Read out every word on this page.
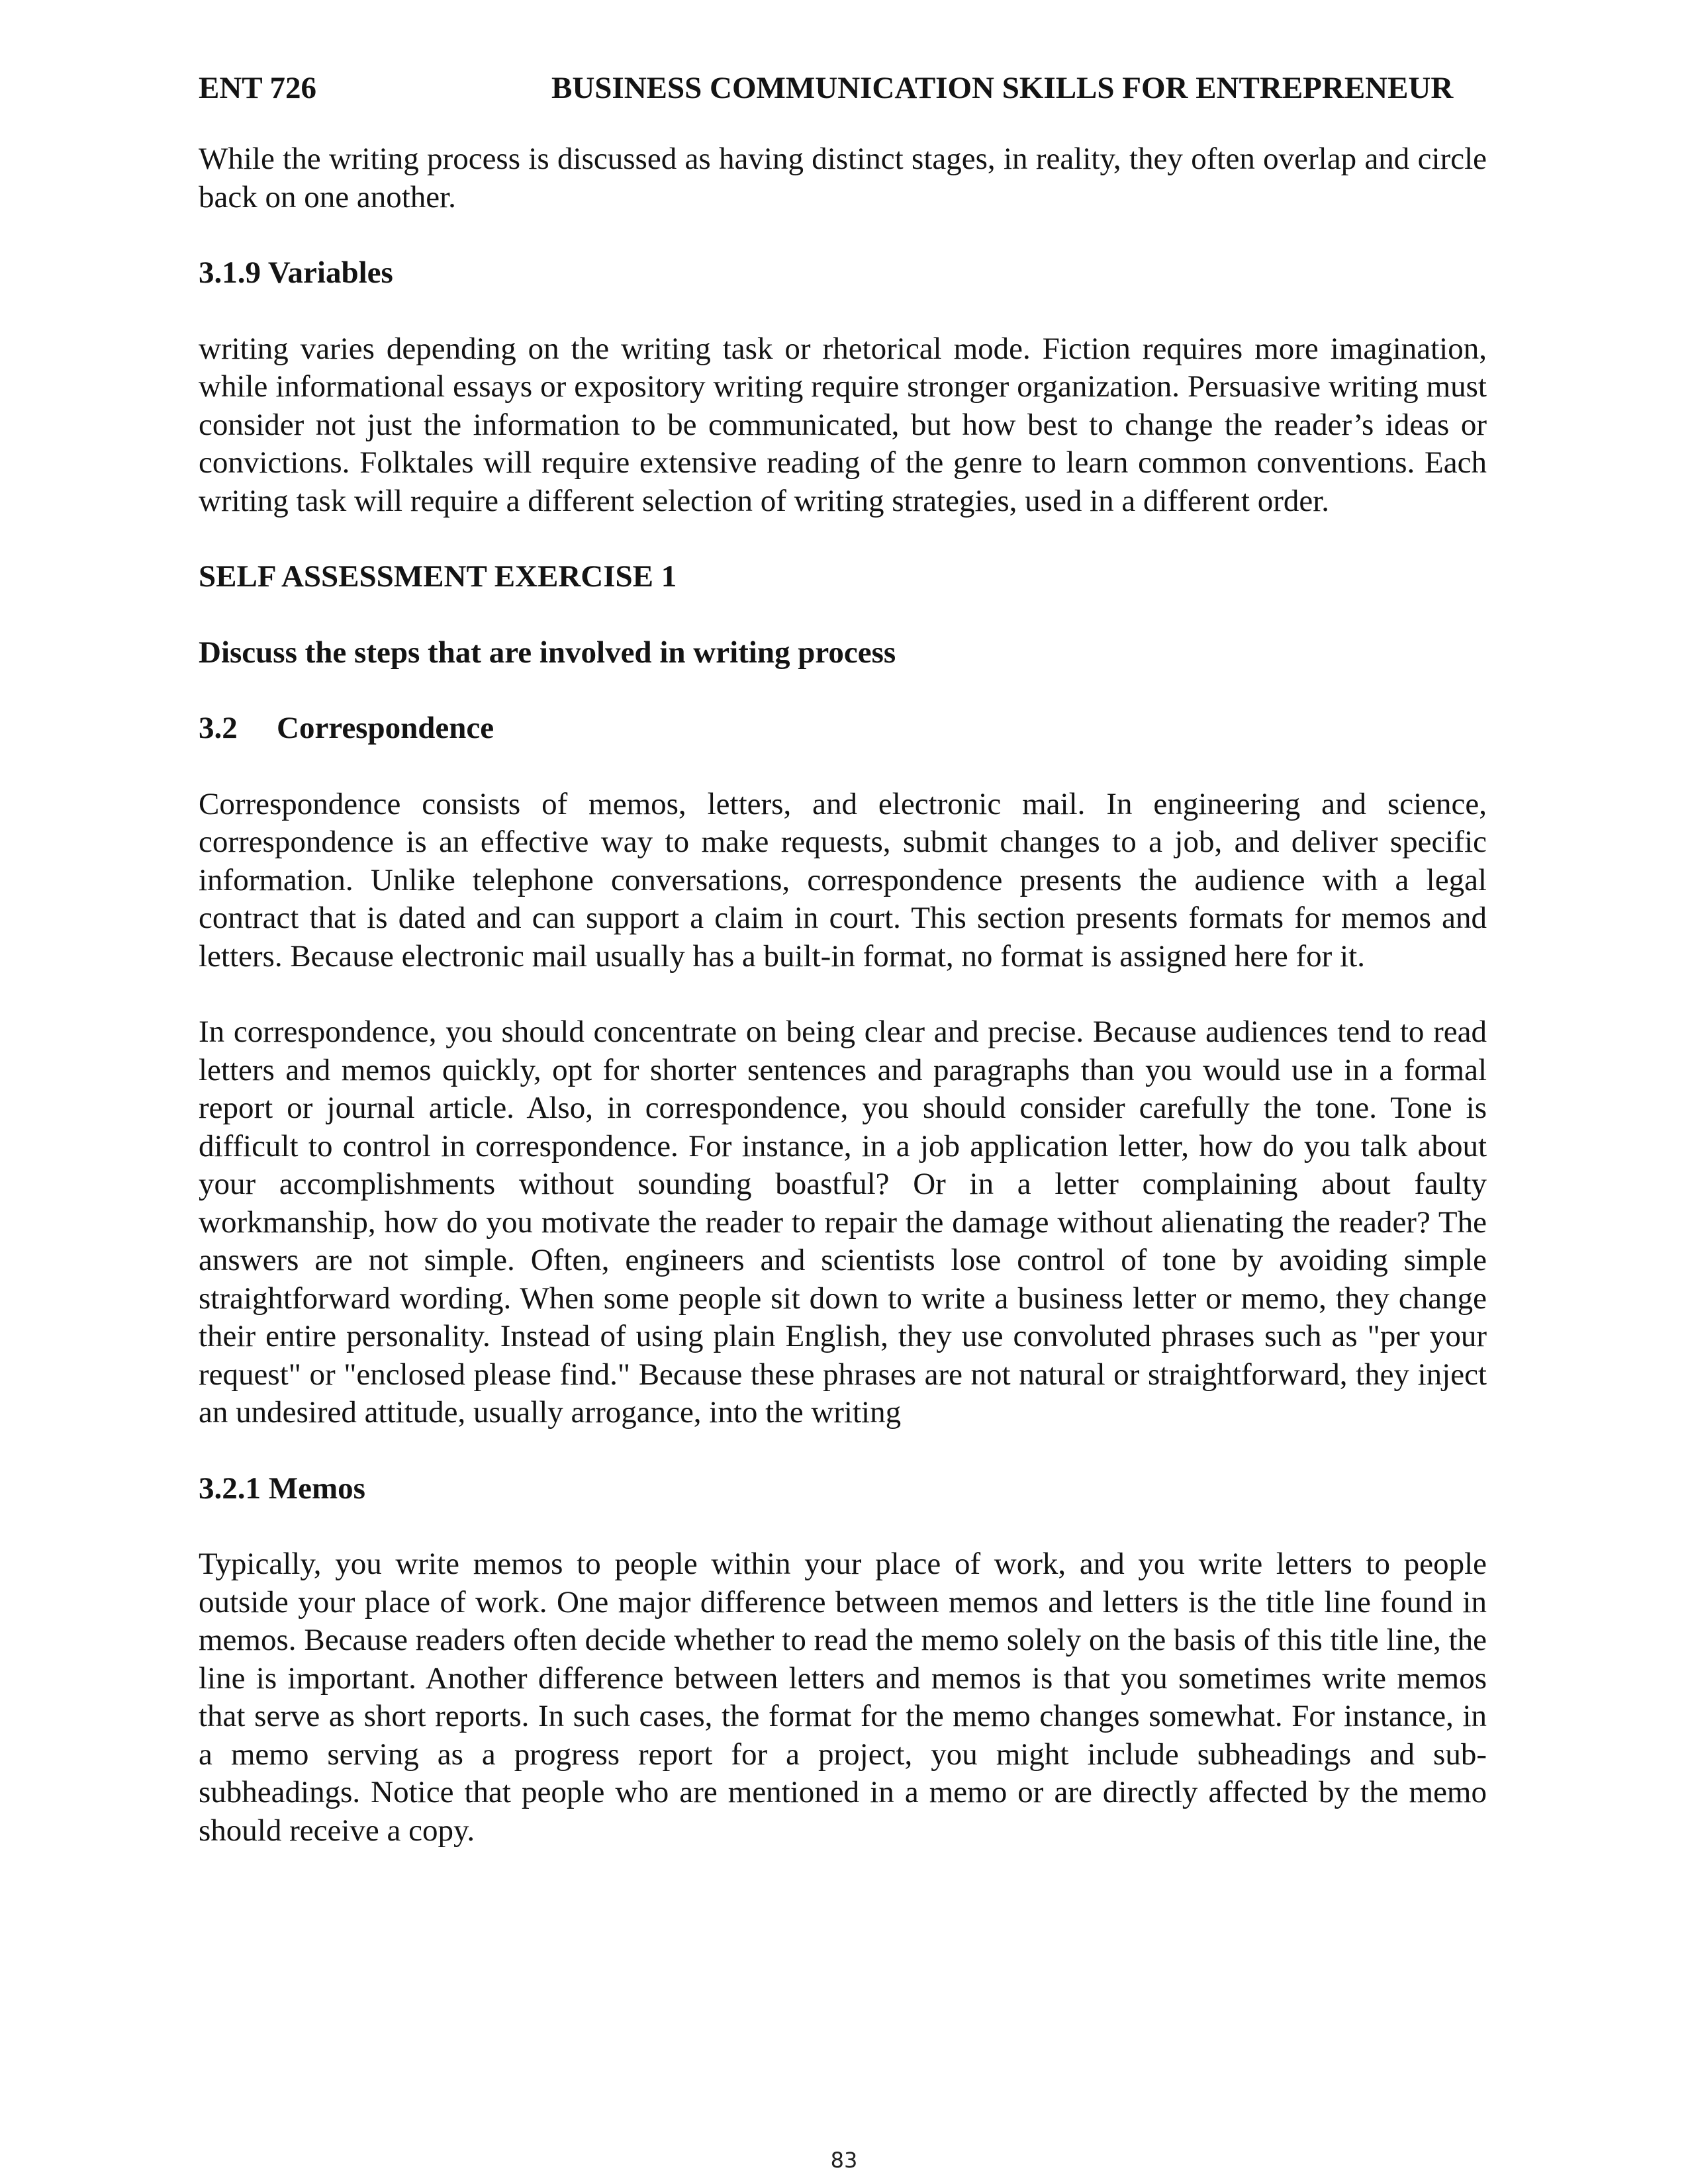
ENT 726	BUSINESS COMMUNICATION SKILLS FOR ENTREPRENEUR

While the writing process is discussed as having distinct stages, in reality, they often overlap and circle back on one another.

3.1.9 Variables

writing varies depending on the writing task or rhetorical mode. Fiction requires more imagination, while informational essays or expository writing require stronger organization. Persuasive writing must consider not just the information to be communicated, but how best to change the reader’s ideas or convictions. Folktales will require extensive reading of the genre to learn common conventions. Each writing task will require a different selection of writing strategies, used in a different order.

SELF ASSESSMENT EXERCISE 1
Discuss the steps that are involved in writing process
3.2 Correspondence

Correspondence consists of memos, letters, and electronic mail. In engineering and science, correspondence is an effective way to make requests, submit changes to a job, and deliver specific information. Unlike telephone conversations, correspondence presents the audience with a legal contract that is dated and can support a claim in court. This section presents formats for memos and letters. Because electronic mail usually has a built-in format, no format is assigned here for it.

In correspondence, you should concentrate on being clear and precise. Because audiences tend to read letters and memos quickly, opt for shorter sentences and paragraphs than you would use in a formal report or journal article. Also, in correspondence, you should consider carefully the tone. Tone is difficult to control in correspondence. For instance, in a job application letter, how do you talk about your accomplishments without sounding boastful? Or in a letter complaining about faulty workmanship, how do you motivate the reader to repair the damage without alienating the reader? The answers are not simple. Often, engineers and scientists lose control of tone by avoiding simple straightforward wording. When some people sit down to write a business letter or memo, they change their entire personality. Instead of using plain English, they use convoluted phrases such as "per your request" or "enclosed please find." Because these phrases are not natural or straightforward, they inject an undesired attitude, usually arrogance, into the writing

3.2.1 Memos

Typically, you write memos to people within your place of work, and you write letters to people outside your place of work. One major difference between memos and letters is the title line found in memos. Because readers often decide whether to read the memo solely on the basis of this title line, the line is important. Another difference between letters and memos is that you sometimes write memos that serve as short reports. In such cases, the format for the memo changes somewhat. For instance, in a memo serving as a progress report for a project, you might include subheadings and sub-subheadings. Notice that people who are mentioned in a memo or are directly affected by the memo should receive a copy.

83
